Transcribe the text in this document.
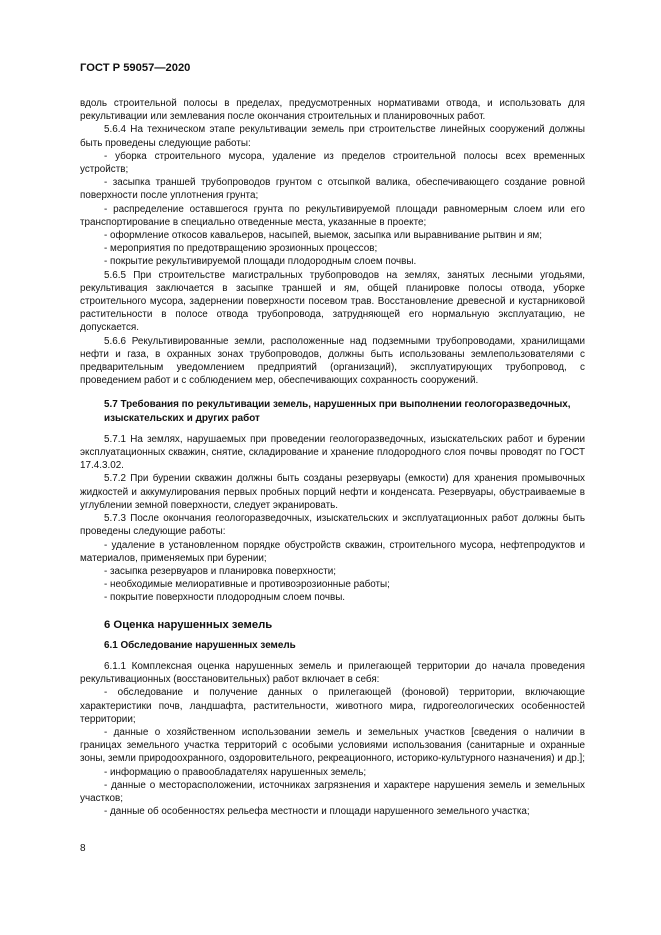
ГОСТ Р 59057—2020

вдоль строительной полосы в пределах, предусмотренных нормативами отвода, и использовать для рекультивации или землевания после окончания строительных и планировочных работ.

5.6.4 На техническом этапе рекультивации земель при строительстве линейных сооружений должны быть проведены следующие работы:

- уборка строительного мусора, удаление из пределов строительной полосы всех временных устройств;

- засыпка траншей трубопроводов грунтом с отсыпкой валика, обеспечивающего создание ровной поверхности после уплотнения грунта;

- распределение оставшегося грунта по рекультивируемой площади равномерным слоем или его транспортирование в специально отведенные места, указанные в проекте;

- оформление откосов кавальеров, насыпей, выемок, засыпка или выравнивание рытвин и ям;

- мероприятия по предотвращению эрозионных процессов;

- покрытие рекультивируемой площади плодородным слоем почвы.

5.6.5 При строительстве магистральных трубопроводов на землях, занятых лесными угодьями, рекультивация заключается в засыпке траншей и ям, общей планировке полосы отвода, уборке строительного мусора, задернении поверхности посевом трав. Восстановление древесной и кустарниковой растительности в полосе отвода трубопровода, затрудняющей его нормальную эксплуатацию, не допускается.

5.6.6 Рекультивированные земли, расположенные над подземными трубопроводами, хранилищами нефти и газа, в охранных зонах трубопроводов, должны быть использованы землепользователями с предварительным уведомлением предприятий (организаций), эксплуатирующих трубопровод, с проведением работ и с соблюдением мер, обеспечивающих сохранность сооружений.

5.7 Требования по рекультивации земель, нарушенных при выполнении геологоразведочных, изыскательских и других работ

5.7.1 На землях, нарушаемых при проведении геологоразведочных, изыскательских работ и бурении эксплуатационных скважин, снятие, складирование и хранение плодородного слоя почвы проводят по ГОСТ 17.4.3.02.

5.7.2 При бурении скважин должны быть созданы резервуары (емкости) для хранения промывочных жидкостей и аккумулирования первых пробных порций нефти и конденсата. Резервуары, обустраиваемые в углублении земной поверхности, следует экранировать.

5.7.3 После окончания геологоразведочных, изыскательских и эксплуатационных работ должны быть проведены следующие работы:

- удаление в установленном порядке обустройств скважин, строительного мусора, нефтепродуктов и материалов, применяемых при бурении;

- засыпка резервуаров и планировка поверхности;

- необходимые мелиоративные и противоэрозионные работы;

- покрытие поверхности плодородным слоем почвы.

6 Оценка нарушенных земель

6.1 Обследование нарушенных земель

6.1.1 Комплексная оценка нарушенных земель и прилегающей территории до начала проведения рекультивационных (восстановительных) работ включает в себя:

- обследование и получение данных о прилегающей (фоновой) территории, включающие характеристики почв, ландшафта, растительности, животного мира, гидрогеологических особенностей территории;

- данные о хозяйственном использовании земель и земельных участков [сведения о наличии в границах земельного участка территорий с особыми условиями использования (санитарные и охранные зоны, земли природоохранного, оздоровительного, рекреационного, историко-культурного назначения) и др.];

- информацию о правообладателях нарушенных земель;

- данные о месторасположении, источниках загрязнения и характере нарушения земель и земельных участков;

- данные об особенностях рельефа местности и площади нарушенного земельного участка;

8
